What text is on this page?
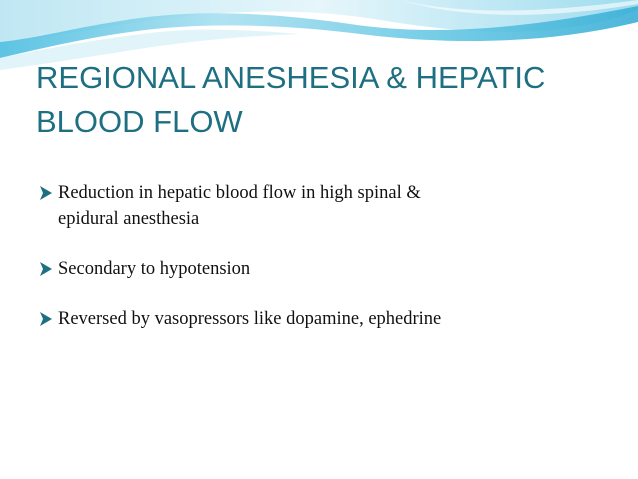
REGIONAL ANESHESIA & HEPATIC
BLOOD FLOW
Reduction in hepatic blood flow in high spinal &
epidural anesthesia
Secondary to hypotension
Reversed by vasopressors like dopamine, ephedrine
